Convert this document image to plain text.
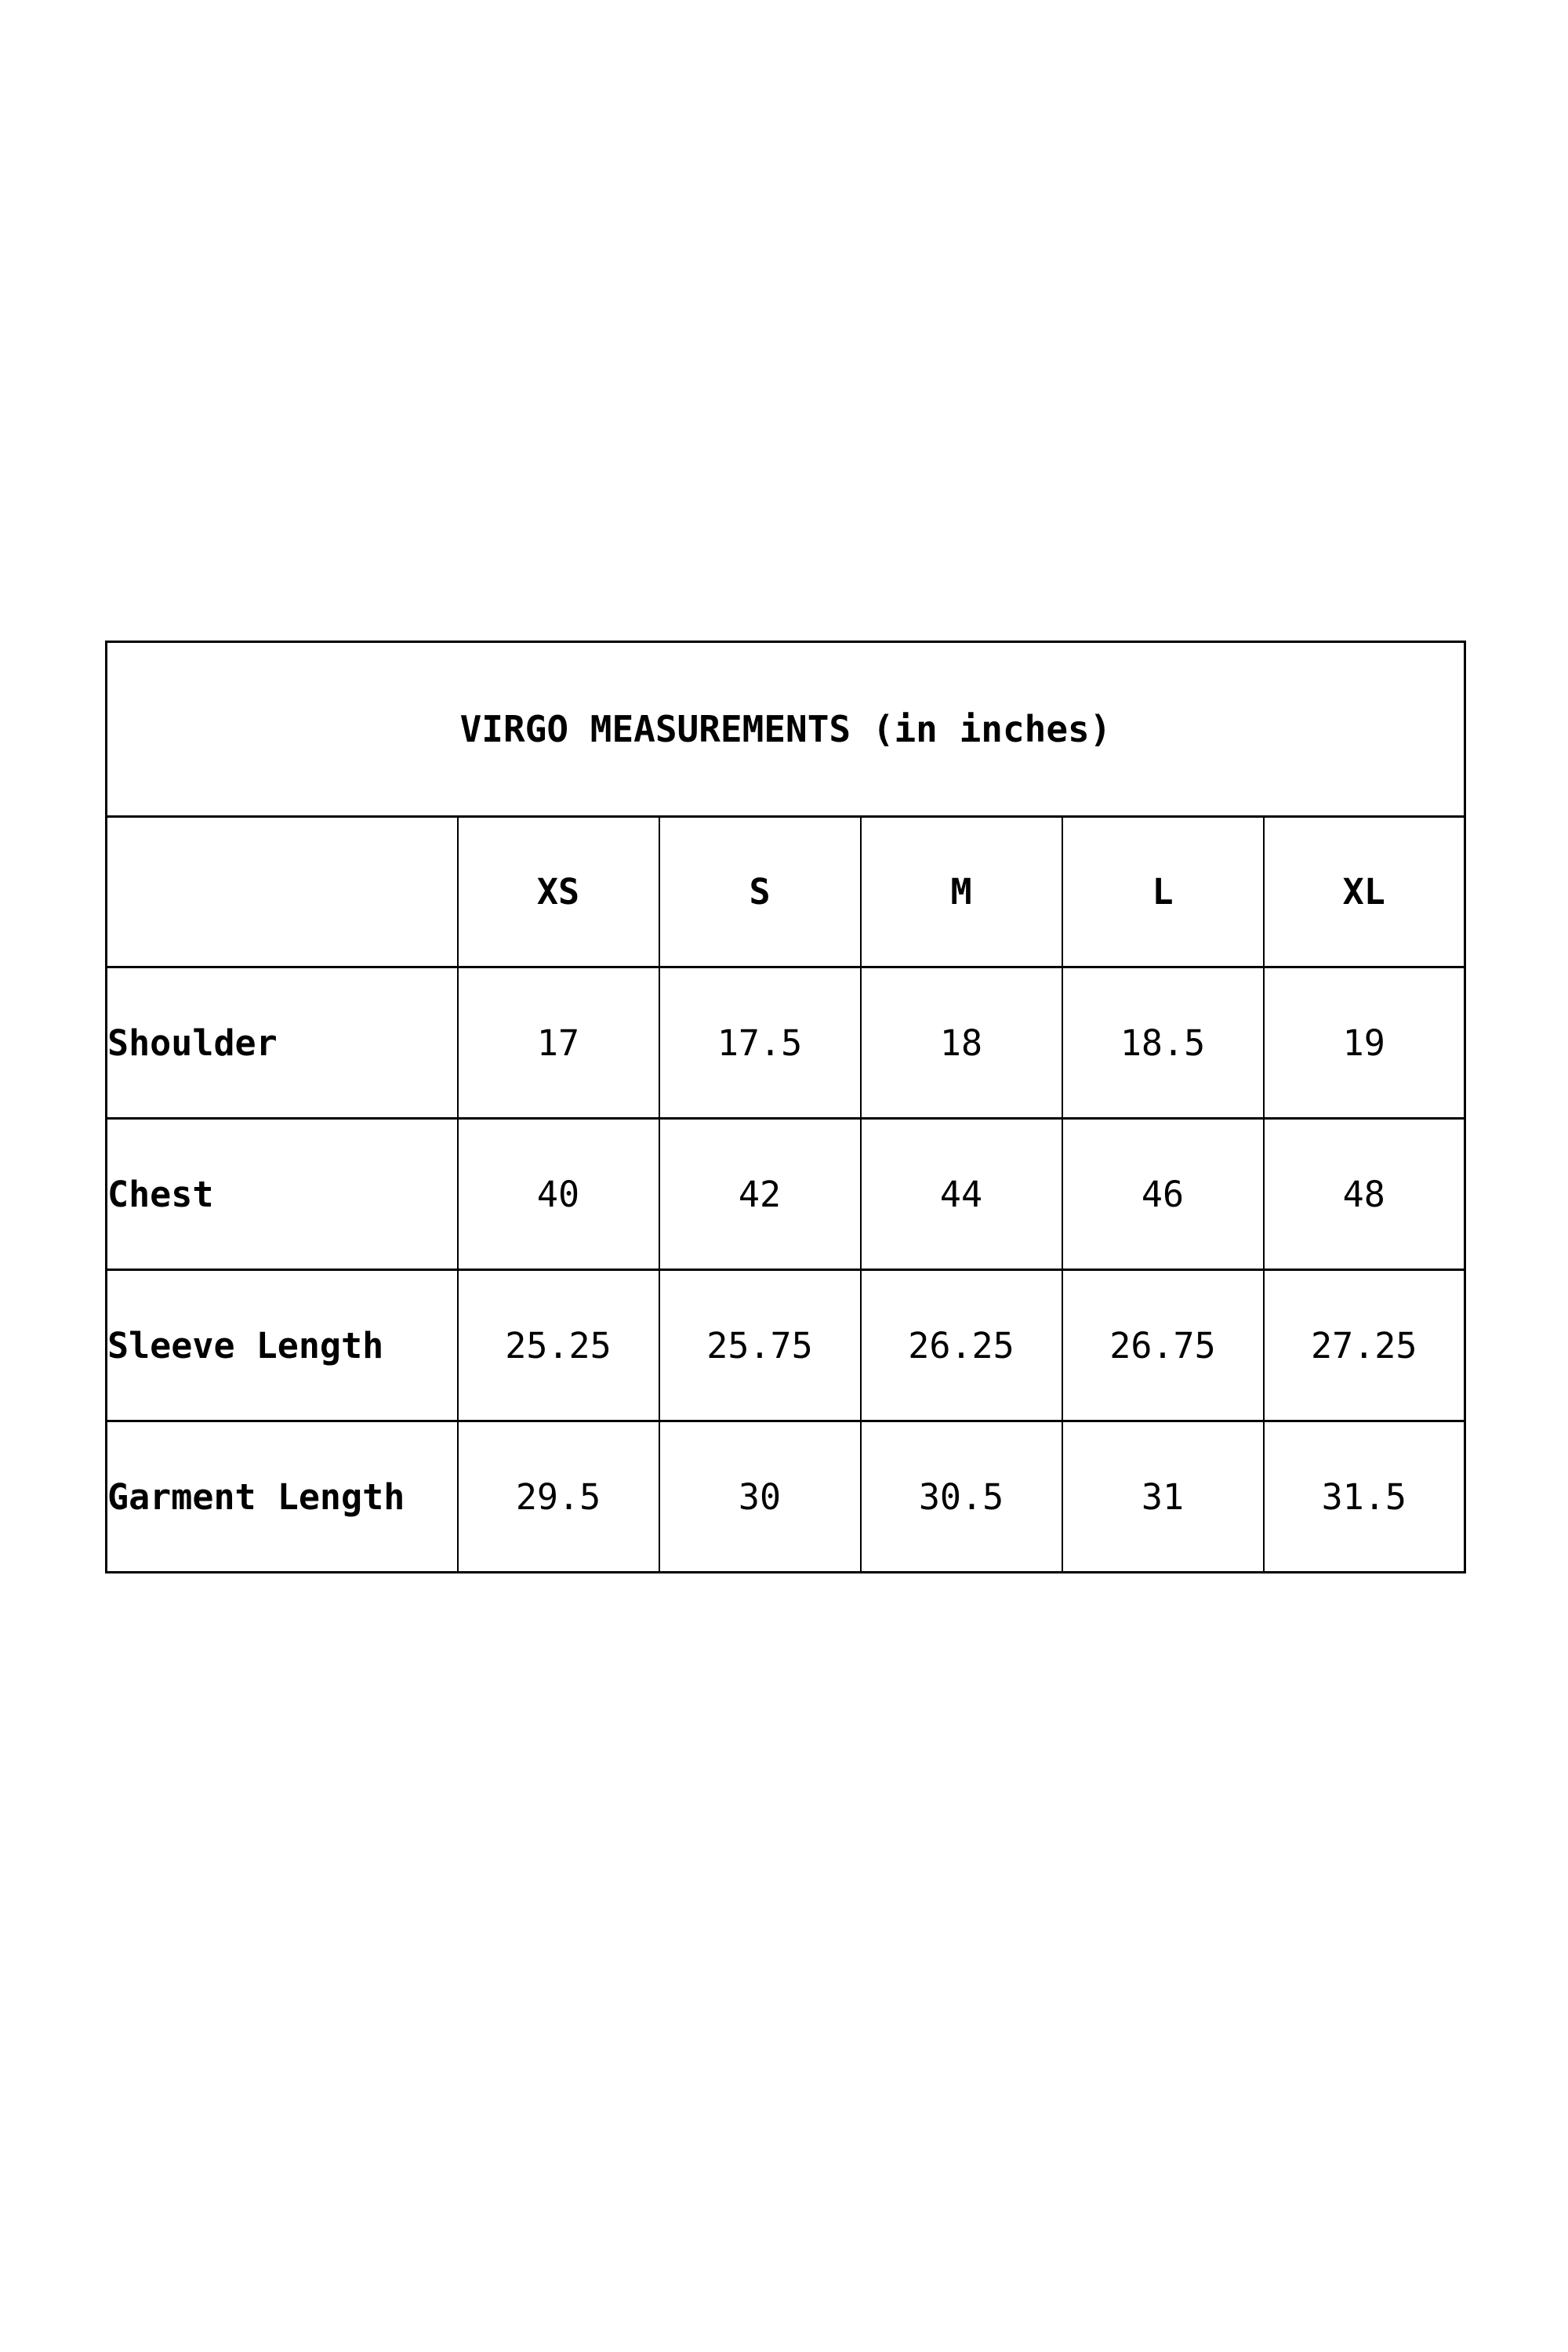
VIRGO MEASUREMENTS (in inches)					
	XS	S	M	L	XL
Shoulder	17	17.5	18	18.5	19
Chest	40	42	44	46	48
Sleeve Length	25.25	25.75	26.25	26.75	27.25
Garment Length	29.5	30	30.5	31	31.5
